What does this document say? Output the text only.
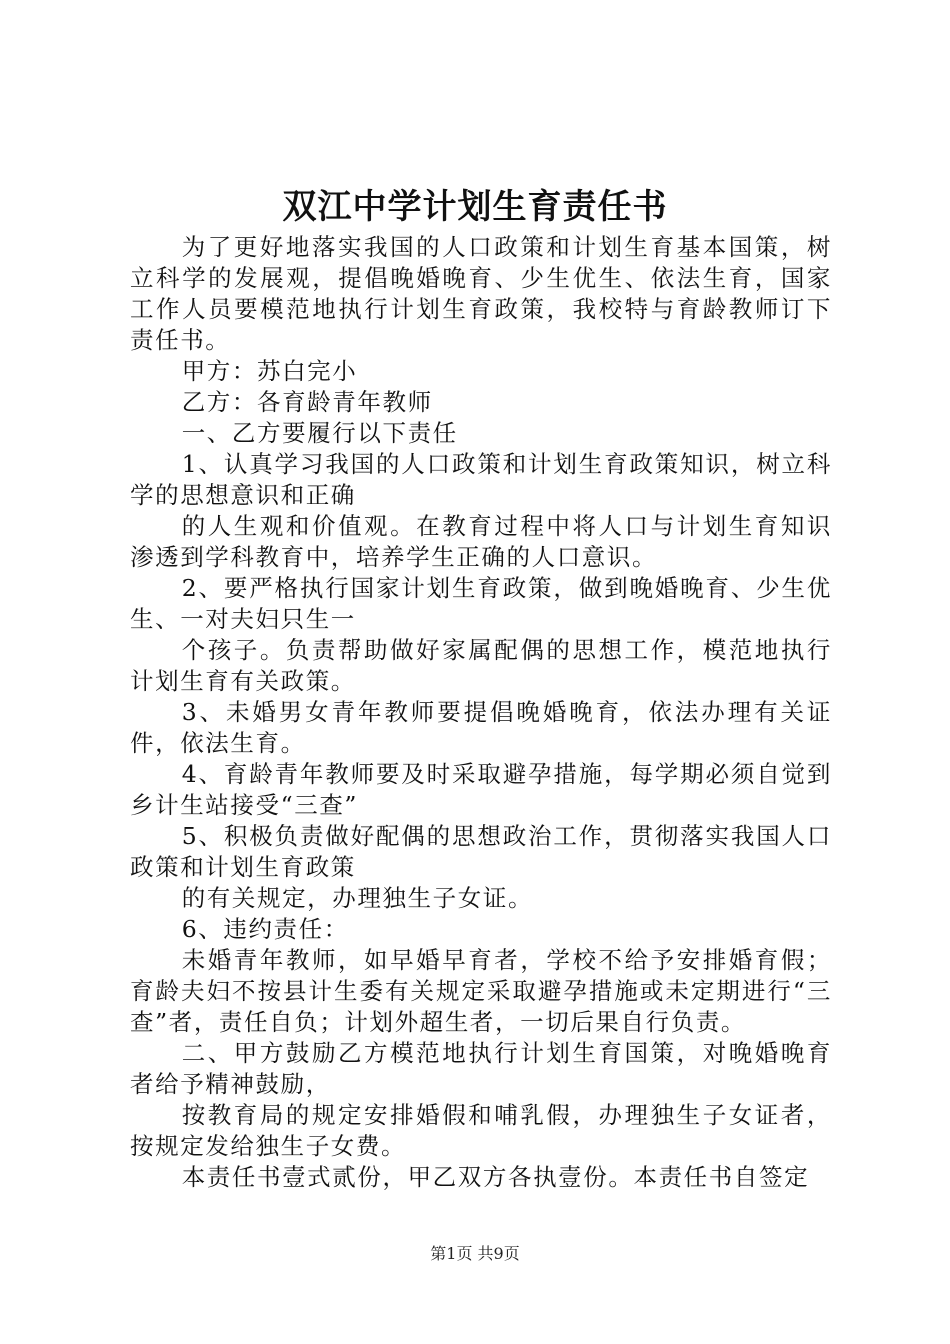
双江中学计划生育责任书

为了更好地落实我国的人口政策和计划生育基本国策，树立科学的发展观，提倡晚婚晚育、少生优生、依法生育，国家工作人员要模范地执行计划生育政策，我校特与育龄教师订下责任书。

甲方：苏白完小

乙方：各育龄青年教师

一、乙方要履行以下责任

1、认真学习我国的人口政策和计划生育政策知识，树立科学的思想意识和正确

的人生观和价值观。在教育过程中将人口与计划生育知识渗透到学科教育中，培养学生正确的人口意识。

2、要严格执行国家计划生育政策，做到晚婚晚育、少生优生、一对夫妇只生一

个孩子。负责帮助做好家属配偶的思想工作，模范地执行计划生育有关政策。

3、未婚男女青年教师要提倡晚婚晚育，依法办理有关证件，依法生育。

4、育龄青年教师要及时采取避孕措施，每学期必须自觉到乡计生站接受“三查”

5、积极负责做好配偶的思想政治工作，贯彻落实我国人口政策和计划生育政策

的有关规定，办理独生子女证。

6、违约责任：

未婚青年教师，如早婚早育者，学校不给予安排婚育假；育龄夫妇不按县计生委有关规定采取避孕措施或未定期进行“三查”者，责任自负；计划外超生者，一切后果自行负责。

二、甲方鼓励乙方模范地执行计划生育国策，对晚婚晚育者给予精神鼓励，

按教育局的规定安排婚假和哺乳假，办理独生子女证者，按规定发给独生子女费。

本责任书壹式贰份，甲乙双方各执壹份。本责任书自签定

第1页 共9页
